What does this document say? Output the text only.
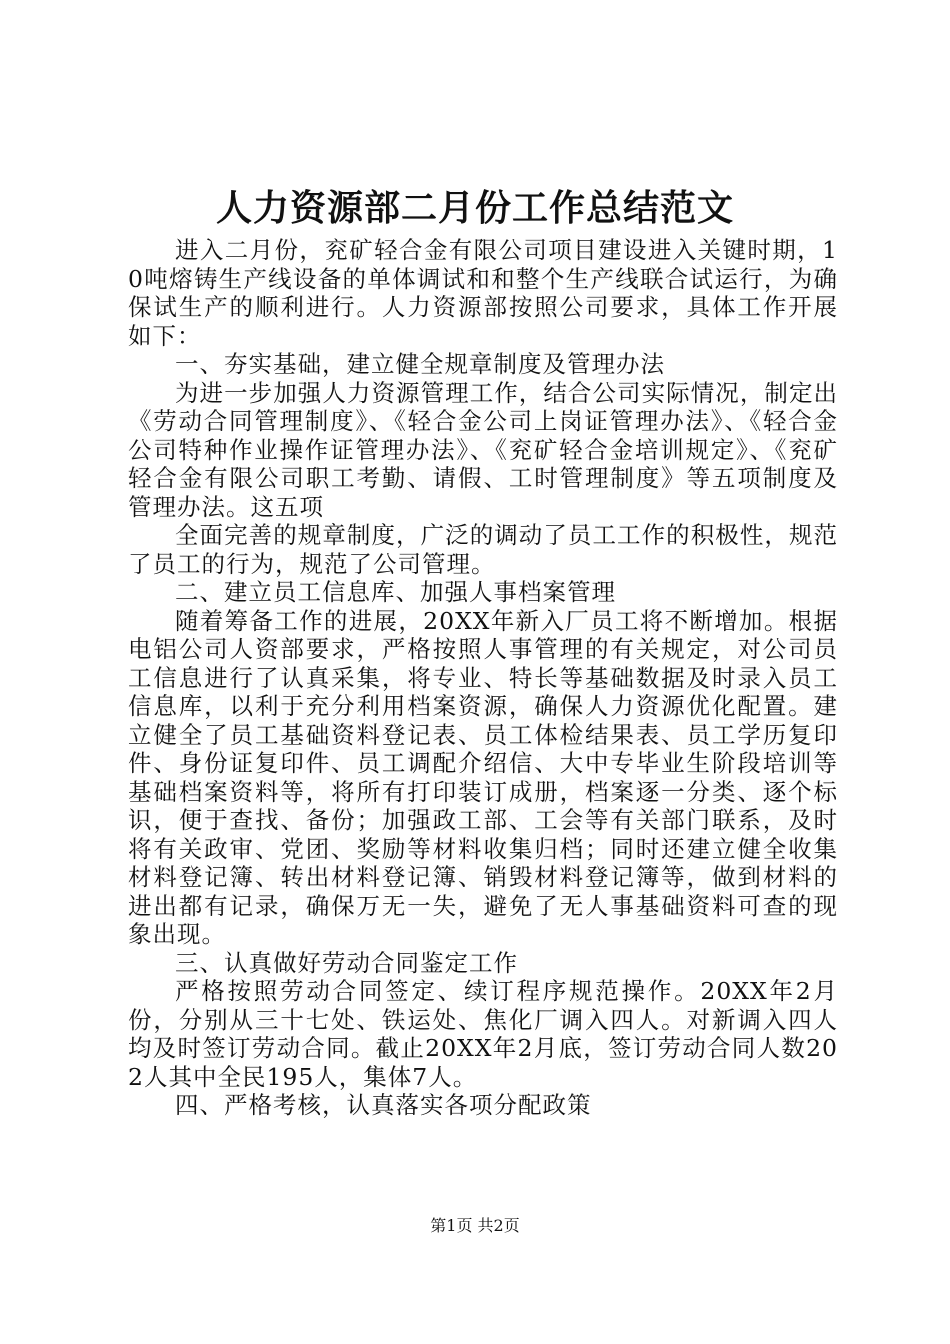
人力资源部二月份工作总结范文

进入二月份，兖矿轻合金有限公司项目建设进入关键时期，10吨熔铸生产线设备的单体调试和和整个生产线联合试运行，为确保试生产的顺利进行。人力资源部按照公司要求，具体工作开展如下：

一、夯实基础，建立健全规章制度及管理办法

为进一步加强人力资源管理工作，结合公司实际情况，制定出《劳动合同管理制度》、《轻合金公司上岗证管理办法》、《轻合金公司特种作业操作证管理办法》、《兖矿轻合金培训规定》、《兖矿轻合金有限公司职工考勤、请假、工时管理制度》等五项制度及管理办法。这五项

全面完善的规章制度，广泛的调动了员工工作的积极性，规范了员工的行为，规范了公司管理。

二、建立员工信息库、加强人事档案管理

随着筹备工作的进展，20XX年新入厂员工将不断增加。根据电铝公司人资部要求，严格按照人事管理的有关规定，对公司员工信息进行了认真采集，将专业、特长等基础数据及时录入员工信息库，以利于充分利用档案资源，确保人力资源优化配置。建立健全了员工基础资料登记表、员工体检结果表、员工学历复印件、身份证复印件、员工调配介绍信、大中专毕业生阶段培训等基础档案资料等，将所有打印装订成册，档案逐一分类、逐个标识，便于查找、备份；加强政工部、工会等有关部门联系，及时将有关政审、党团、奖励等材料收集归档；同时还建立健全收集材料登记簿、转出材料登记簿、销毁材料登记簿等，做到材料的进出都有记录，确保万无一失，避免了无人事基础资料可查的现象出现。

三、认真做好劳动合同鉴定工作

严格按照劳动合同签定、续订程序规范操作。20XX年2月份，分别从三十七处、铁运处、焦化厂调入四人。对新调入四人均及时签订劳动合同。截止20XX年2月底，签订劳动合同人数202人其中全民195人，集体7人。

四、严格考核，认真落实各项分配政策

第1页 共2页
